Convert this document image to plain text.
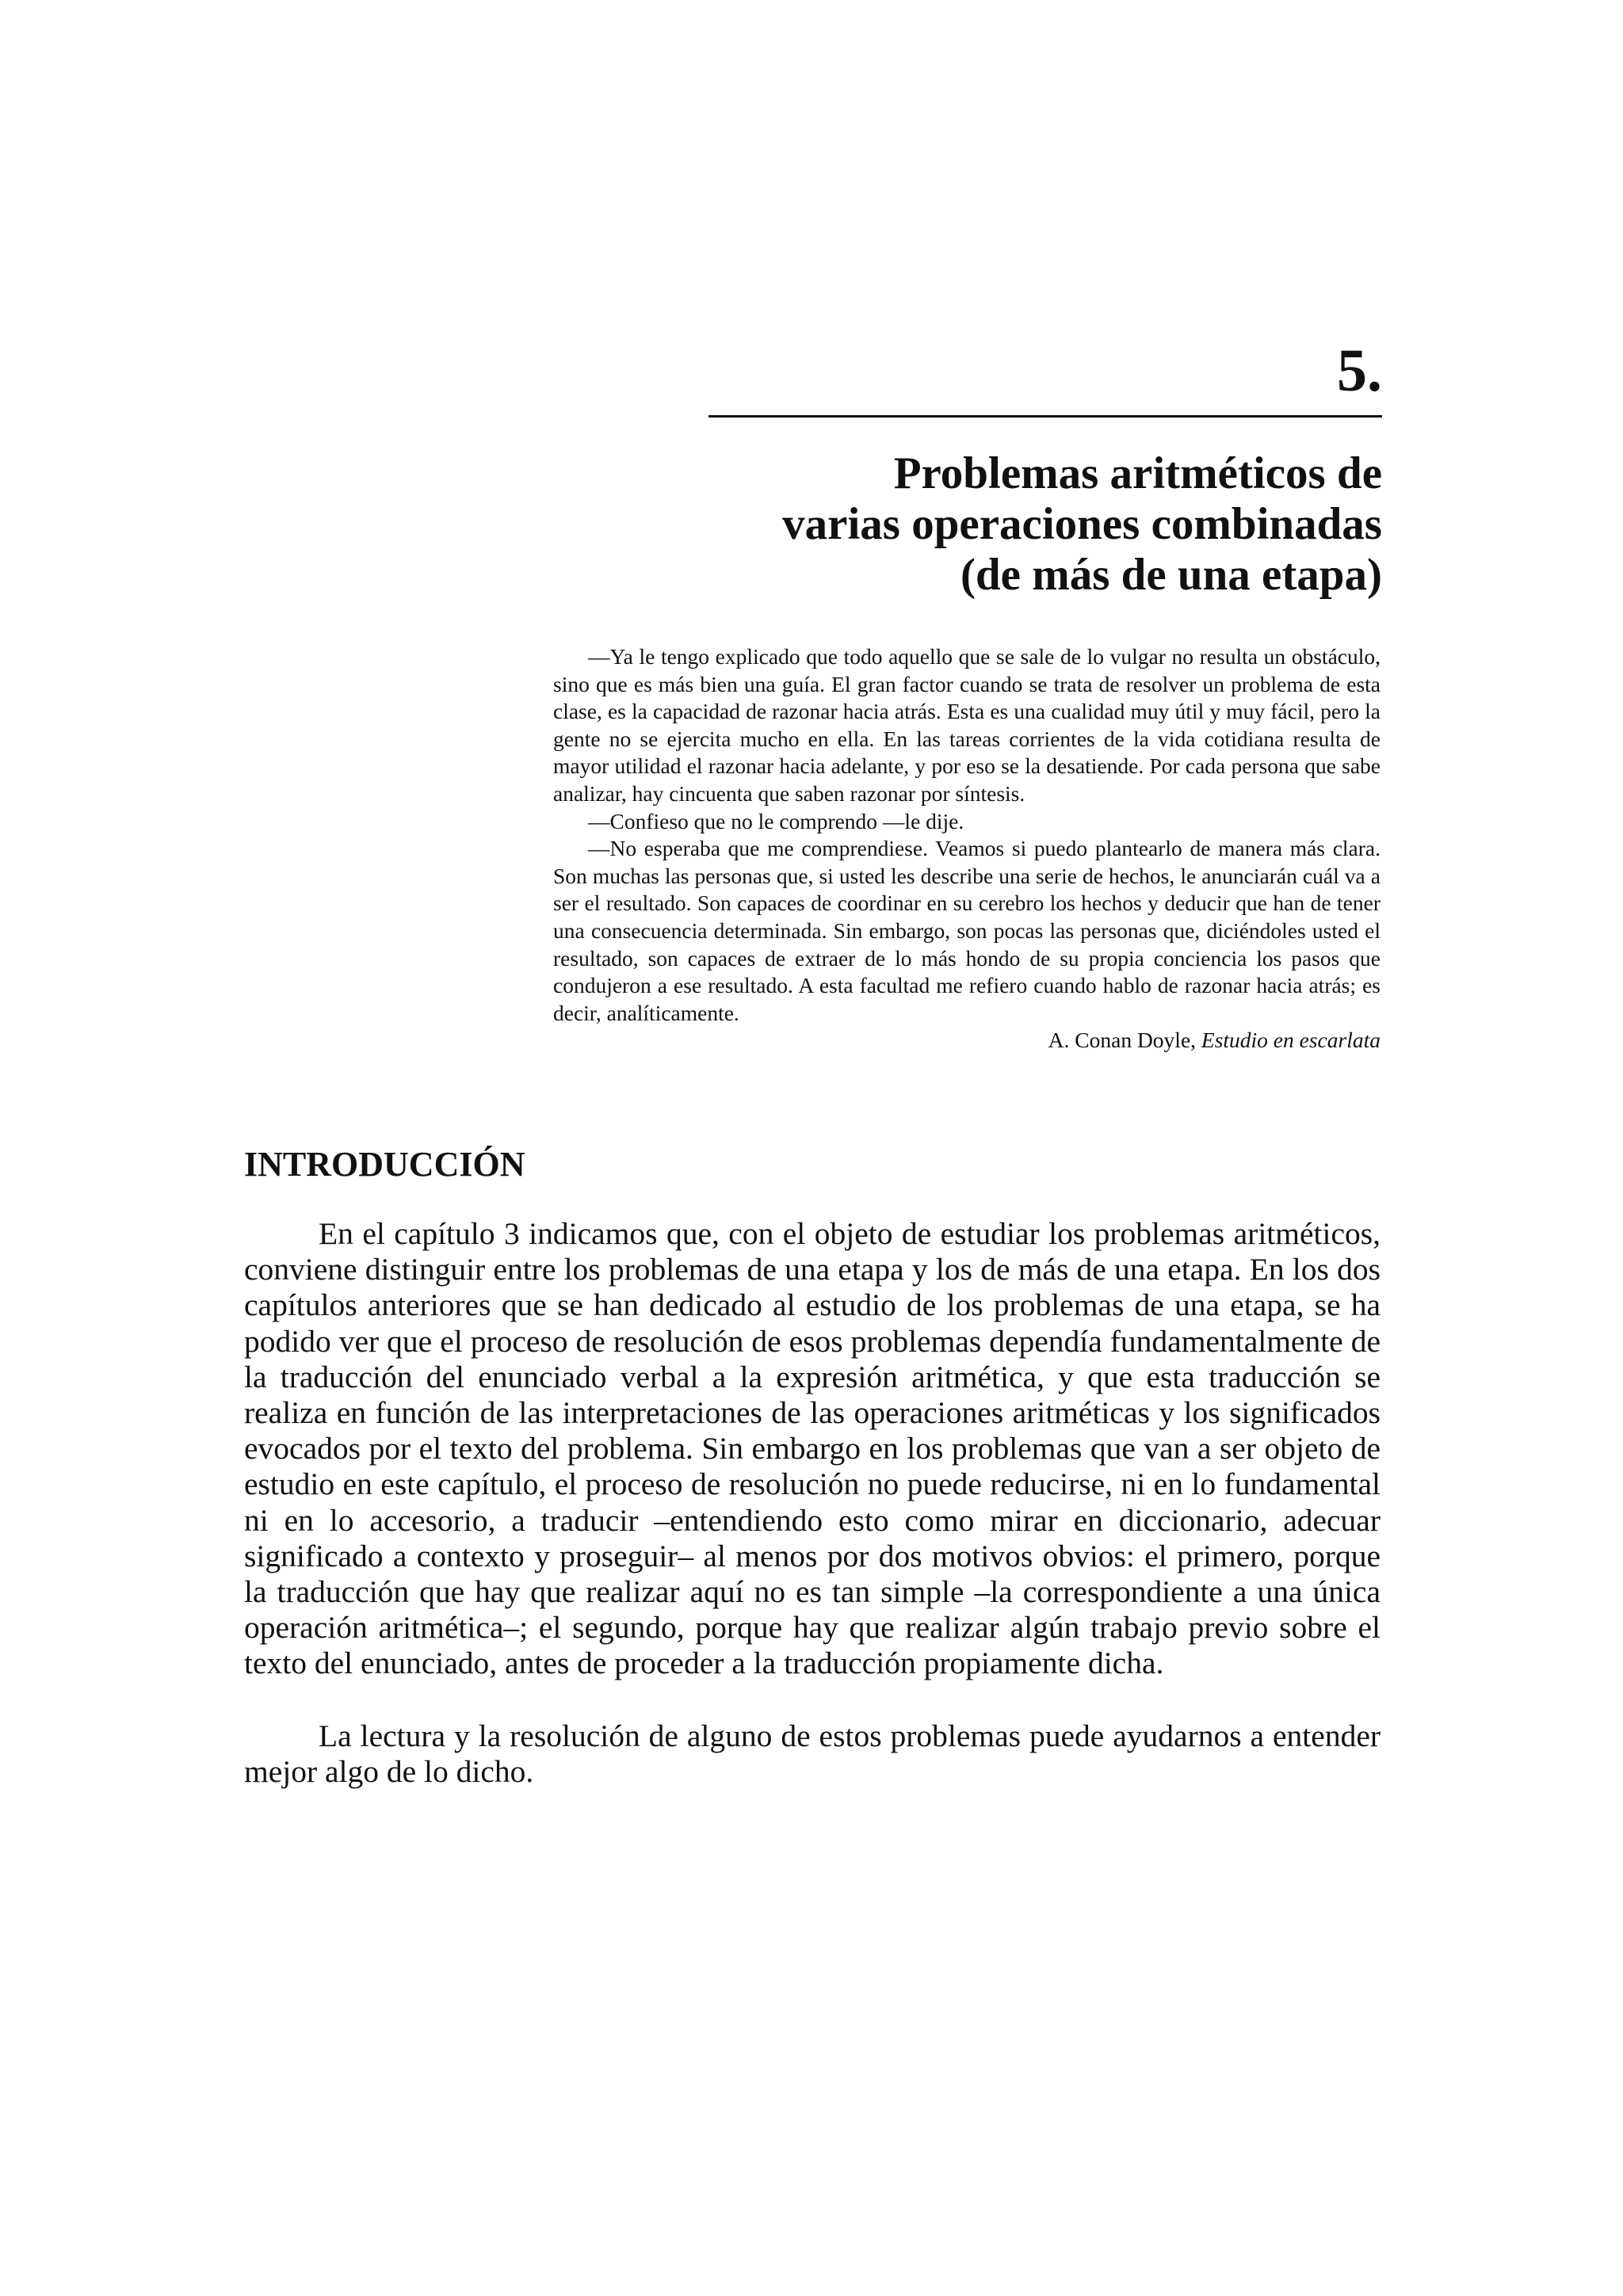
5.
Problemas aritméticos de
varias operaciones combinadas
(de más de una etapa)

—Ya le tengo explicado que todo aquello que se sale de lo vulgar no resulta un obstáculo, sino que es más bien una guía. El gran factor cuando se trata de resolver un problema de esta clase, es la capacidad de razonar hacia atrás. Esta es una cualidad muy útil y muy fácil, pero la gente no se ejercita mucho en ella. En las tareas corrientes de la vida cotidiana resulta de mayor utilidad el razonar hacia adelante, y por eso se la desatiende. Por cada persona que sabe analizar, hay cincuenta que saben razonar por síntesis.

—Confieso que no le comprendo —le dije.

—No esperaba que me comprendiese. Veamos si puedo plantearlo de manera más clara. Son muchas las personas que, si usted les describe una serie de hechos, le anunciarán cuál va a ser el resultado. Son capaces de coordinar en su cerebro los hechos y deducir que han de tener una consecuencia determinada. Sin embargo, son pocas las personas que, diciéndoles usted el resultado, son capaces de extraer de lo más hondo de su propia conciencia los pasos que condujeron a ese resultado. A esta facultad me refiero cuando hablo de razonar hacia atrás; es decir, analíticamente.

A. Conan Doyle, Estudio en escarlata

INTRODUCCIÓN

En el capítulo 3 indicamos que, con el objeto de estudiar los problemas aritméticos, conviene distinguir entre los problemas de una etapa y los de más de una etapa. En los dos capítulos anteriores que se han dedicado al estudio de los problemas de una etapa, se ha podido ver que el proceso de resolución de esos problemas dependía fundamentalmente de la traducción del enunciado verbal a la expresión aritmética, y que esta traducción se realiza en función de las interpretaciones de las operaciones aritméticas y los significados evocados por el texto del problema. Sin embargo en los problemas que van a ser objeto de estudio en este capítulo, el proceso de resolución no puede reducirse, ni en lo fundamental ni en lo accesorio, a traducir –entendiendo esto como mirar en diccionario, adecuar significado a contexto y proseguir– al menos por dos motivos obvios: el primero, porque la traducción que hay que realizar aquí no es tan simple –la correspondiente a una única operación aritmética–; el segundo, porque hay que realizar algún trabajo previo sobre el texto del enunciado, antes de proceder a la traducción propiamente dicha.

La lectura y la resolución de alguno de estos problemas puede ayudarnos a entender mejor algo de lo dicho.
